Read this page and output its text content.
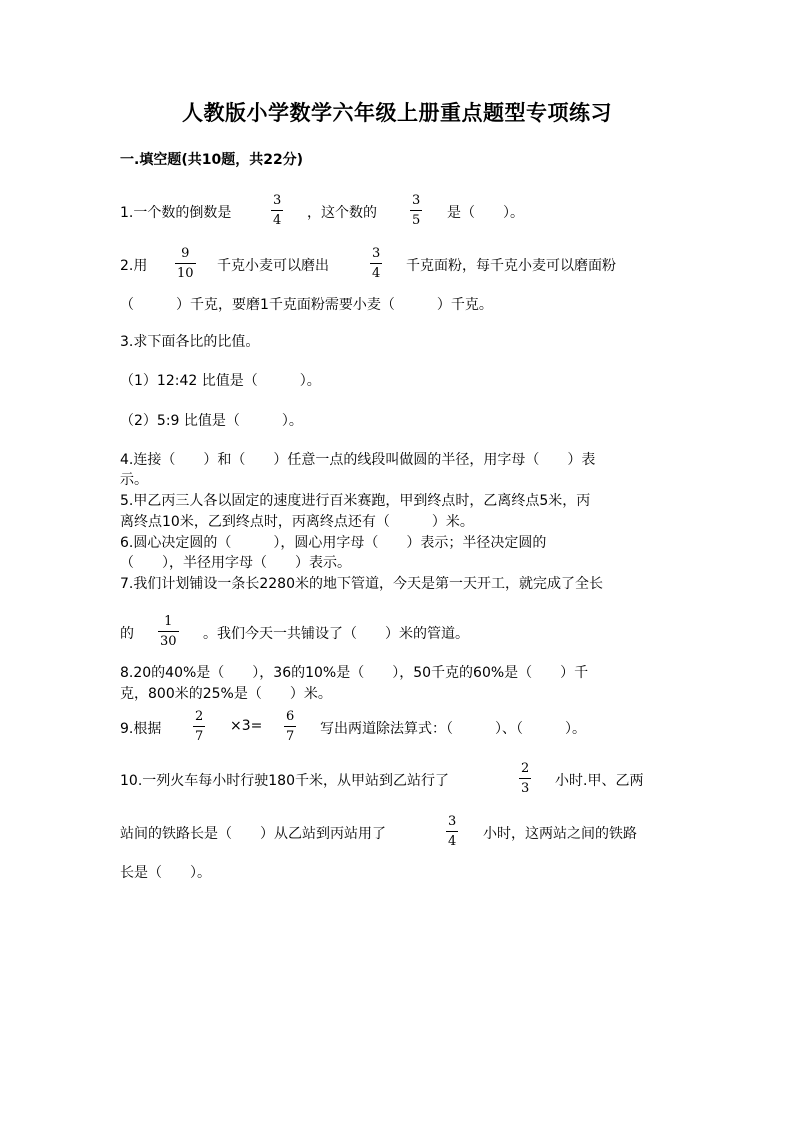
人教版小学数学六年级上册重点题型专项练习
一.填空题(共10题，共22分)
1.一个数的倒数是
3
4 ，这个数的
3
5 是（　　）。
2.用
9
10 千克小麦可以磨出
3
4 千克面粉，每千克小麦可以磨面粉
（　　　）千克，要磨1千克面粉需要小麦（　　　）千克。
3.求下面各比的比值。
（1）12:42 比值是（　　　）。
（2）5:9 比值是（　　　）。
4.连接（　　）和（　　）任意一点的线段叫做圆的半径，用字母（　　）表
示。
5.甲乙丙三人各以固定的速度进行百米赛跑，甲到终点时，乙离终点5米，丙
离终点10米，乙到终点时，丙离终点还有（　　　）米。
6.圆心决定圆的（　　　），圆心用字母（　　）表示；半径决定圆的
（　　），半径用字母（　　）表示。
7.我们计划铺设一条长2280米的地下管道，今天是第一天开工，就完成了全长
的
1
30 。我们今天一共铺设了（　　）米的管道。
8.20的40%是（　　），36的10%是（　　），50千克的60%是（　　）千
克，800米的25%是（　　）米。
9.根据
2
7
×3=
6
7 写出两道除法算式：（　　　）、（　　　）。
10.一列火车每小时行驶180千米，从甲站到乙站行了
2
3 小时.甲、乙两
站间的铁路长是（　　）从乙站到丙站用了
3
4 小时，这两站之间的铁路
长是（　　）。
